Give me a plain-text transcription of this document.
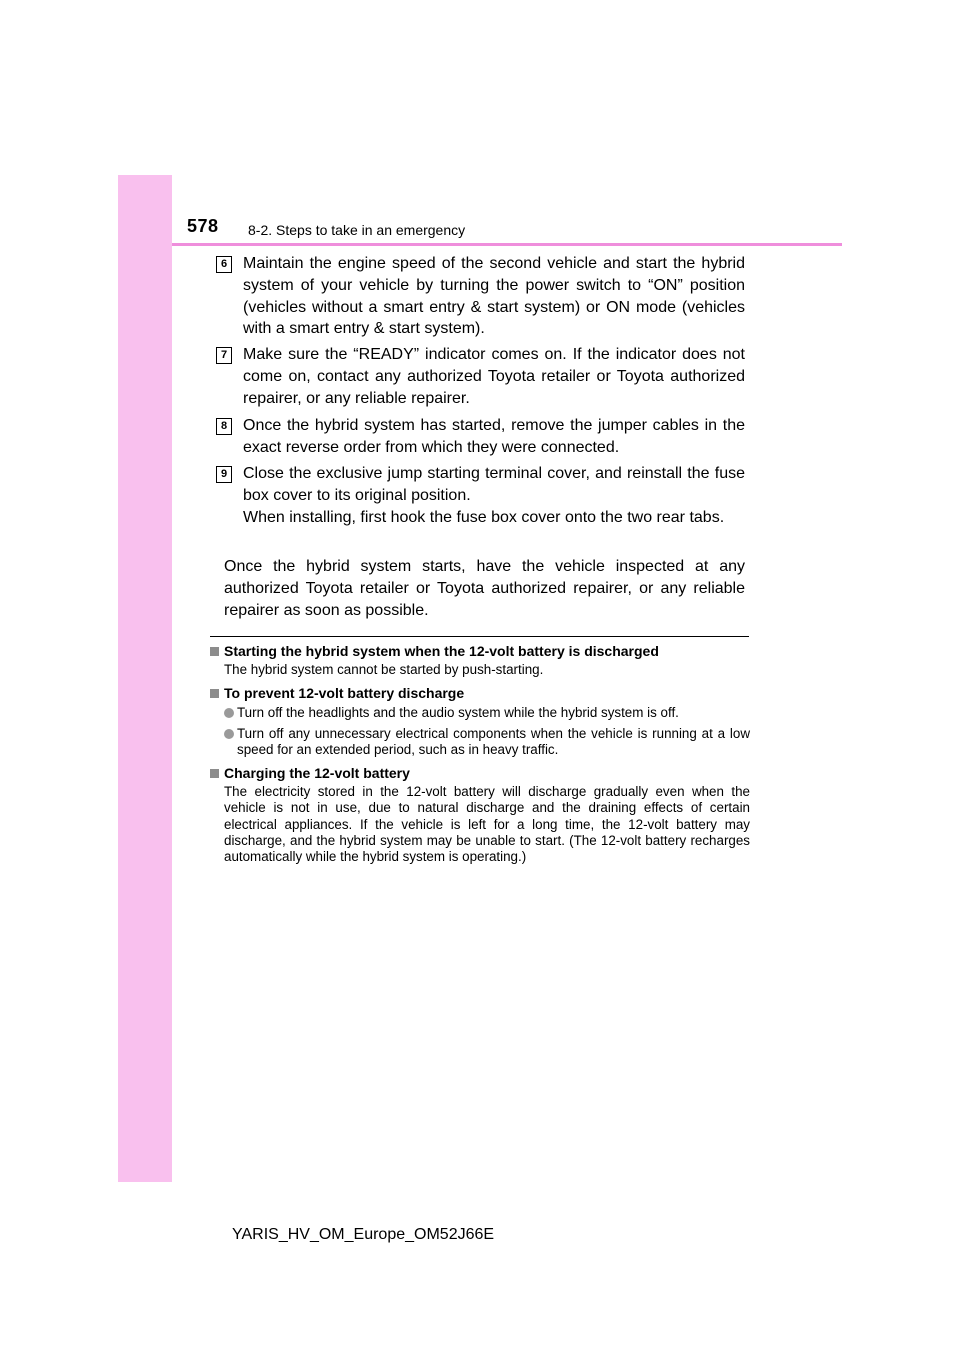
578 8-2. Steps to take in an emergency
6 Maintain the engine speed of the second vehicle and start the hybrid system of your vehicle by turning the power switch to “ON” position (vehicles without a smart entry & start system) or ON mode (vehicles with a smart entry & start system).

7 Make sure the “READY” indicator comes on. If the indicator does not come on, contact any authorized Toyota retailer or Toyota authorized repairer, or any reliable repairer.

8 Once the hybrid system has started, remove the jumper cables in the exact reverse order from which they were connected.

9 Close the exclusive jump starting terminal cover, and reinstall the fuse box cover to its original position.

When installing, first hook the fuse box cover onto the two rear tabs.

Once the hybrid system starts, have the vehicle inspected at any authorized Toyota retailer or Toyota authorized repairer, or any reliable repairer as soon as possible.

Starting the hybrid system when the 12-volt battery is discharged

The hybrid system cannot be started by push-starting.

To prevent 12-volt battery discharge

Turn off the headlights and the audio system while the hybrid system is off.
Turn off any unnecessary electrical components when the vehicle is running at a low speed for an extended period, such as in heavy traffic.

Charging the 12-volt battery

The electricity stored in the 12-volt battery will discharge gradually even when the vehicle is not in use, due to natural discharge and the draining effects of certain electrical appliances. If the vehicle is left for a long time, the 12-volt battery may discharge, and the hybrid system may be unable to start. (The 12-volt battery recharges automatically while the hybrid system is operating.)

YARIS_HV_OM_Europe_OM52J66E
